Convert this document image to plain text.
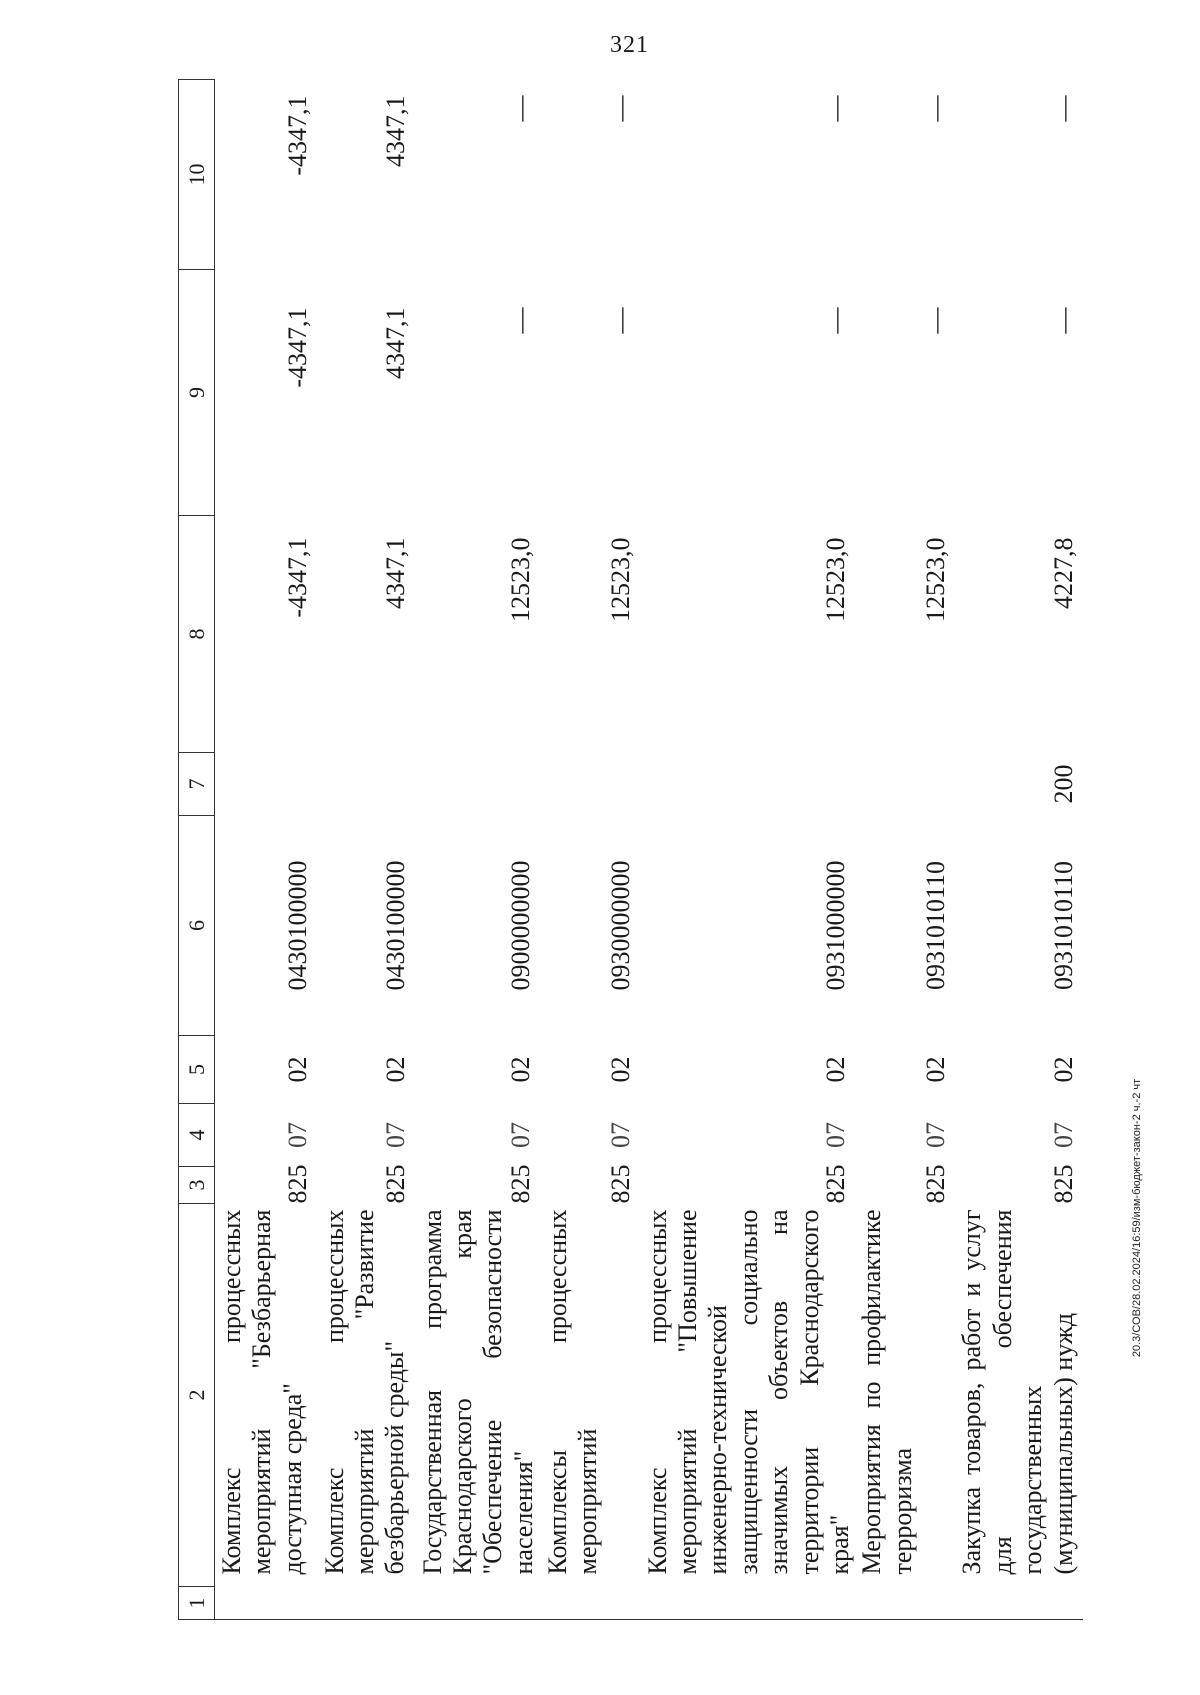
321
20.3/СОВ/28.02.2024/16:59/изм-бюджет-закон-2 ч.-2 чт
1	2	3	4	5	6	7	8	9	10
	Комплекс процессных мероприятий "Безбарьерная доступная среда"	825	07	02	0430100000		-4347,1	-4347,1	-4347,1
	Комплекс процессных мероприятий "Развитие безбарьерной среды"	825	07	02	0430100000		4347,1	4347,1	4347,1
	Государственная программа Краснодарского края "Обеспечение безопасности населения"	825	07	02	0900000000		12523,0	—	—
	Комплексы процессных мероприятий	825	07	02	0930000000		12523,0	—	—
	Комплекс процессных мероприятий "Повышение инженерно-технической защищенности социально значимых объектов на территории Краснодарского края"	825	07	02	0931000000		12523,0	—	—
	Мероприятия по профилактике терроризма	825	07	02	0931010110		12523,0	—	—
	Закупка товаров, работ и услуг для обеспечения государственных (муниципальных) нужд	825	07	02	0931010110	200	4227,8	—	—
